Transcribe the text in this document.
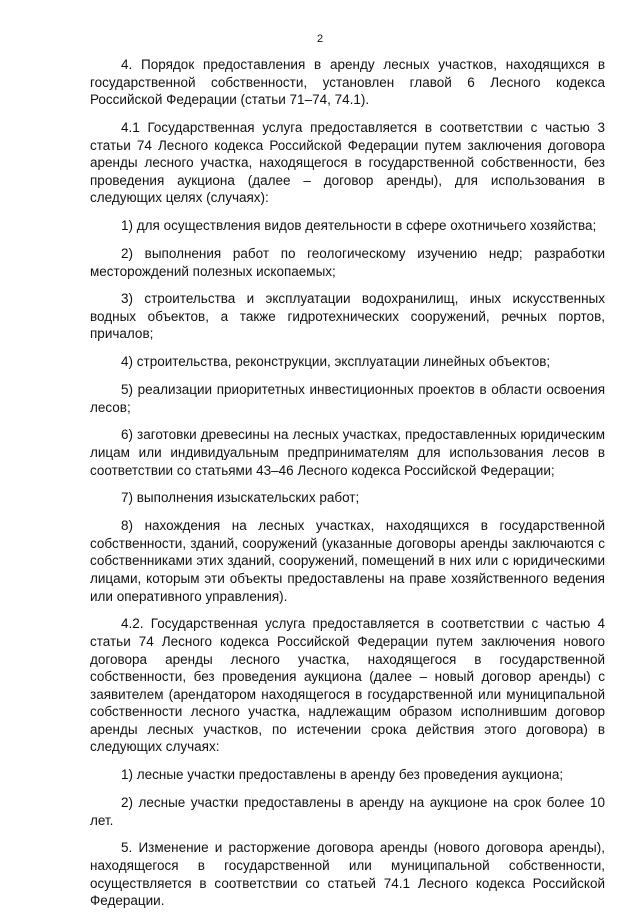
2

4. Порядок предоставления в аренду лесных участков, находящихся в государственной собственности, установлен главой 6 Лесного кодекса Российской Федерации (статьи 71–74, 74.1).

4.1 Государственная услуга предоставляется в соответствии с частью 3 статьи 74 Лесного кодекса Российской Федерации путем заключения договора аренды лесного участка, находящегося в государственной собственности, без проведения аукциона (далее – договор аренды), для использования в следующих целях (случаях):

1) для осуществления видов деятельности в сфере охотничьего хозяйства;

2) выполнения работ по геологическому изучению недр; разработки месторождений полезных ископаемых;

3) строительства и эксплуатации водохранилищ, иных искусственных водных объектов, а также гидротехнических сооружений, речных портов, причалов;

4) строительства, реконструкции, эксплуатации линейных объектов;

5) реализации приоритетных инвестиционных проектов в области освоения лесов;

6) заготовки древесины на лесных участках, предоставленных юридическим лицам или индивидуальным предпринимателям для использования лесов в соответствии со статьями 43–46 Лесного кодекса Российской Федерации;

7) выполнения изыскательских работ;

8) нахождения на лесных участках, находящихся в государственной собственности, зданий, сооружений (указанные договоры аренды заключаются с собственниками этих зданий, сооружений, помещений в них или с юридическими лицами, которым эти объекты предоставлены на праве хозяйственного ведения или оперативного управления).

4.2. Государственная услуга предоставляется в соответствии с частью 4 статьи 74 Лесного кодекса Российской Федерации путем заключения нового договора аренды лесного участка, находящегося в государственной собственности, без проведения аукциона (далее – новый договор аренды) с заявителем (арендатором находящегося в государственной или муниципальной собственности лесного участка, надлежащим образом исполнившим договор аренды лесных участков, по истечении срока действия этого договора) в следующих случаях:

1) лесные участки предоставлены в аренду без проведения аукциона;

2) лесные участки предоставлены в аренду на аукционе на срок более 10 лет.

5. Изменение и расторжение договора аренды (нового договора аренды), находящегося в государственной или муниципальной собственности, осуществляется в соответствии со статьей 74.1 Лесного кодекса Российской Федерации.
